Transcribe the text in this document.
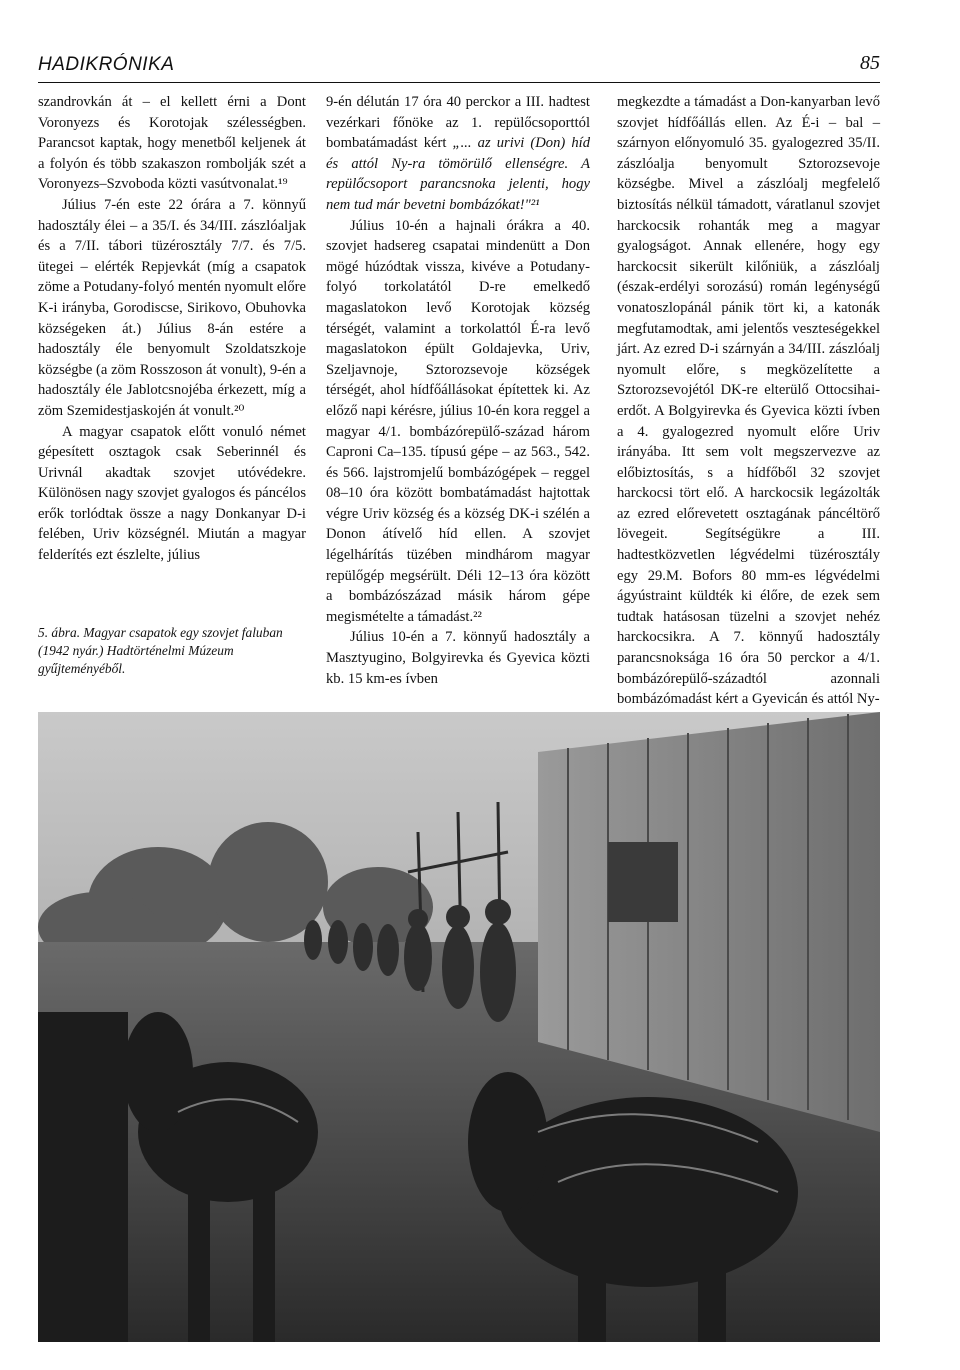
HADIKRÓNIKA	85

szandrovkán át – el kellett érni a Dont Voronyezs és Korotojak szélességben. Parancsot kaptak, hogy menetből keljenek át a folyón és több szakaszon rombolják szét a Voronyezs–Szvoboda közti vasútvonalat.¹⁹

Július 7-én este 22 órára a 7. könnyű hadosztály élei – a 35/I. és 34/III. zászlóaljak és a 7/II. tábori tüzérosztály 7/7. és 7/5. ütegei – elérték Repjevkát (míg a csapatok zöme a Potudany-folyó mentén nyomult előre K-i irányba, Gorodiscse, Sirikovo, Obuhovka községeken át.) Július 8-án estére a hadosztály éle benyomult Szoldatszkoje községbe (a zöm Rosszoson át vonult), 9-én a hadosztály éle Jablotcsnojéba érkezett, míg a zöm Szemidestjaskojén át vonult.²⁰

A magyar csapatok előtt vonuló német gépesített osztagok csak Seberinnél és Urivnál akadtak szovjet utóvédekre. Különösen nagy szovjet gyalogos és páncélos erők torlódtak össze a nagy Donkanyar D-i felében, Uriv községnél. Miután a magyar felderítés ezt észlelte, július

5. ábra. Magyar csapatok egy szovjet faluban (1942 nyár.) Hadtörténelmi Múzeum gyűjteményéből.

9-én délután 17 óra 40 perckor a III. hadtest vezérkari főnöke az 1. repülőcsoporttól bombatámadást kért „... az urivi (Don) híd és attól Ny-ra tömörülő ellenségre. A repülőcsoport parancsnoka jelenti, hogy nem tud már bevetni bombázókat!"²¹

Július 10-én a hajnali órákra a 40. szovjet hadsereg csapatai mindenütt a Don mögé húzódtak vissza, kivéve a Potudany-folyó torkolatától D-re emelkedő magaslatokon levő Korotojak község térségét, valamint a torkolattól É-ra levő magaslatokon épült Goldajevka, Uriv, Szeljavnoje, Sztorozsevoje községek térségét, ahol hídfőállásokat építettek ki. Az előző napi kérésre, július 10-én kora reggel a magyar 4/1. bombázórepülő-század három Caproni Ca–135. típusú gépe – az 563., 542. és 566. lajstromjelű bombázógépek – reggel 08–10 óra között bombatámadást hajtottak végre Uriv község és a község DK-i szélén a Donon átívelő híd ellen. A szovjet légelhárítás tüzében mindhárom magyar repülőgép megsérült. Déli 12–13 óra között a bombázószázad másik három gépe megismételte a támadást.²²

Július 10-én a 7. könnyű hadosztály a Masztyugino, Bolgyirevka és Gyevica közti kb. 15 km-es ívben

megkezdte a támadást a Don-kanyarban levő szovjet hídfőállás ellen. Az É-i – bal – szárnyon előnyomuló 35. gyalogezred 35/II. zászlóalja benyomult Sztorozsevoje községbe. Mivel a zászlóalj megfelelő biztosítás nélkül támadott, váratlanul szovjet harckocsik rohanták meg a magyar gyalogságot. Annak ellenére, hogy egy harckocsit sikerült kilőniük, a zászlóalj (észak-erdélyi sorozású) román legénységű vonatoszlopánál pánik tört ki, a katonák megfutamodtak, ami jelentős veszteségekkel járt. Az ezred D-i szárnyán a 34/III. zászlóalj nyomult előre, s megközelítette a Sztorozsevojétól DK-re elterülő Ottocsihai-erdőt. A Bolgyirevka és Gyevica közti ívben a 4. gyalogezred nyomult előre Uriv irányába. Itt sem volt megszervezve az előbiztosítás, s a hídfőből 32 szovjet harckocsi tört elő. A harckocsik legázolták az ezred előrevetett osztagának páncéltörő lövegeit. Segítségükre a III. hadtestközvetlen légvédelmi tüzérosztály egy 29.M. Bofors 80 mm-es légvédelmi ágyústraint küldték ki élőre, de ezek sem tudtak hatásosan tüzelni a szovjet nehéz harckocsikra. A 7. könnyű hadosztály parancsnoksága 16 óra 50 perckor a 4/1. bombázórepülő-századtól azonnali bombázómadást kért a Gyevicán és attól Ny-
